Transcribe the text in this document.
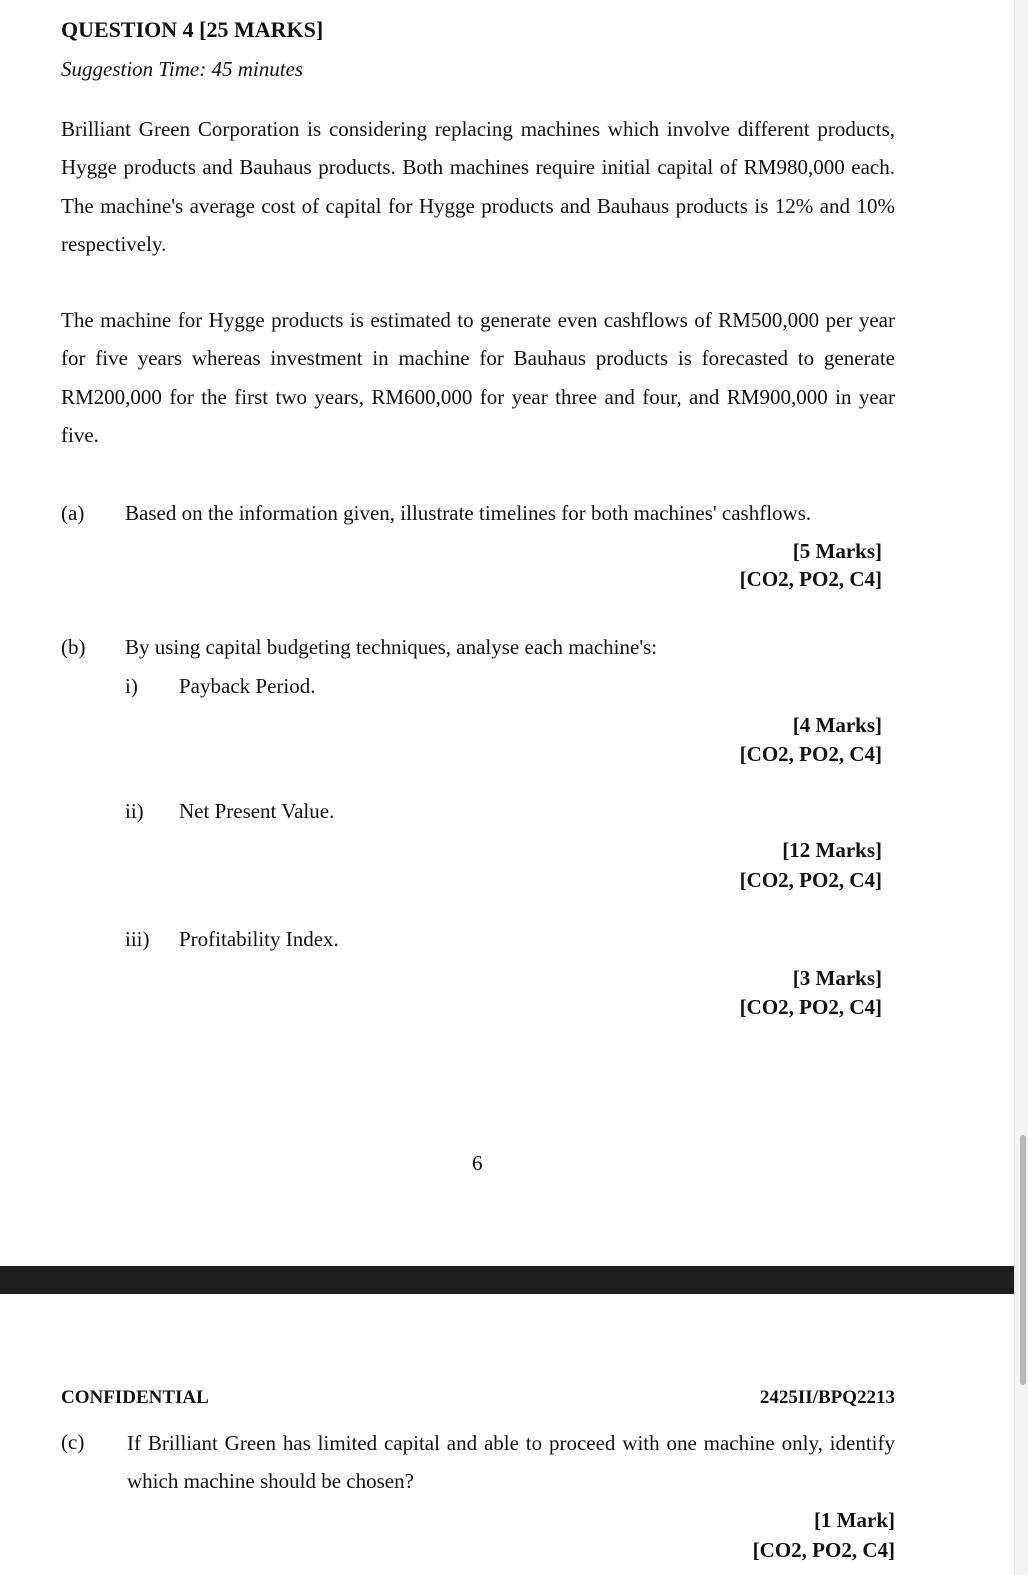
QUESTION 4 [25 MARKS]
Suggestion Time: 45 minutes
Brilliant Green Corporation is considering replacing machines which involve different products, Hygge products and Bauhaus products. Both machines require initial capital of RM980,000 each. The machine's average cost of capital for Hygge products and Bauhaus products is 12% and 10% respectively.
The machine for Hygge products is estimated to generate even cashflows of RM500,000 per year for five years whereas investment in machine for Bauhaus products is forecasted to generate RM200,000 for the first two years, RM600,000 for year three and four, and RM900,000 in year five.
(a) Based on the information given, illustrate timelines for both machines' cashflows.
[5 Marks]
[CO2, PO2, C4]
(b) By using capital budgeting techniques, analyse each machine's:
i) Payback Period.
[4 Marks]
[CO2, PO2, C4]
ii) Net Present Value.
[12 Marks]
[CO2, PO2, C4]
iii) Profitability Index.
[3 Marks]
[CO2, PO2, C4]
6
CONFIDENTIAL	2425II/BPQ2213
(c) If Brilliant Green has limited capital and able to proceed with one machine only, identify which machine should be chosen?
[1 Mark]
[CO2, PO2, C4]
